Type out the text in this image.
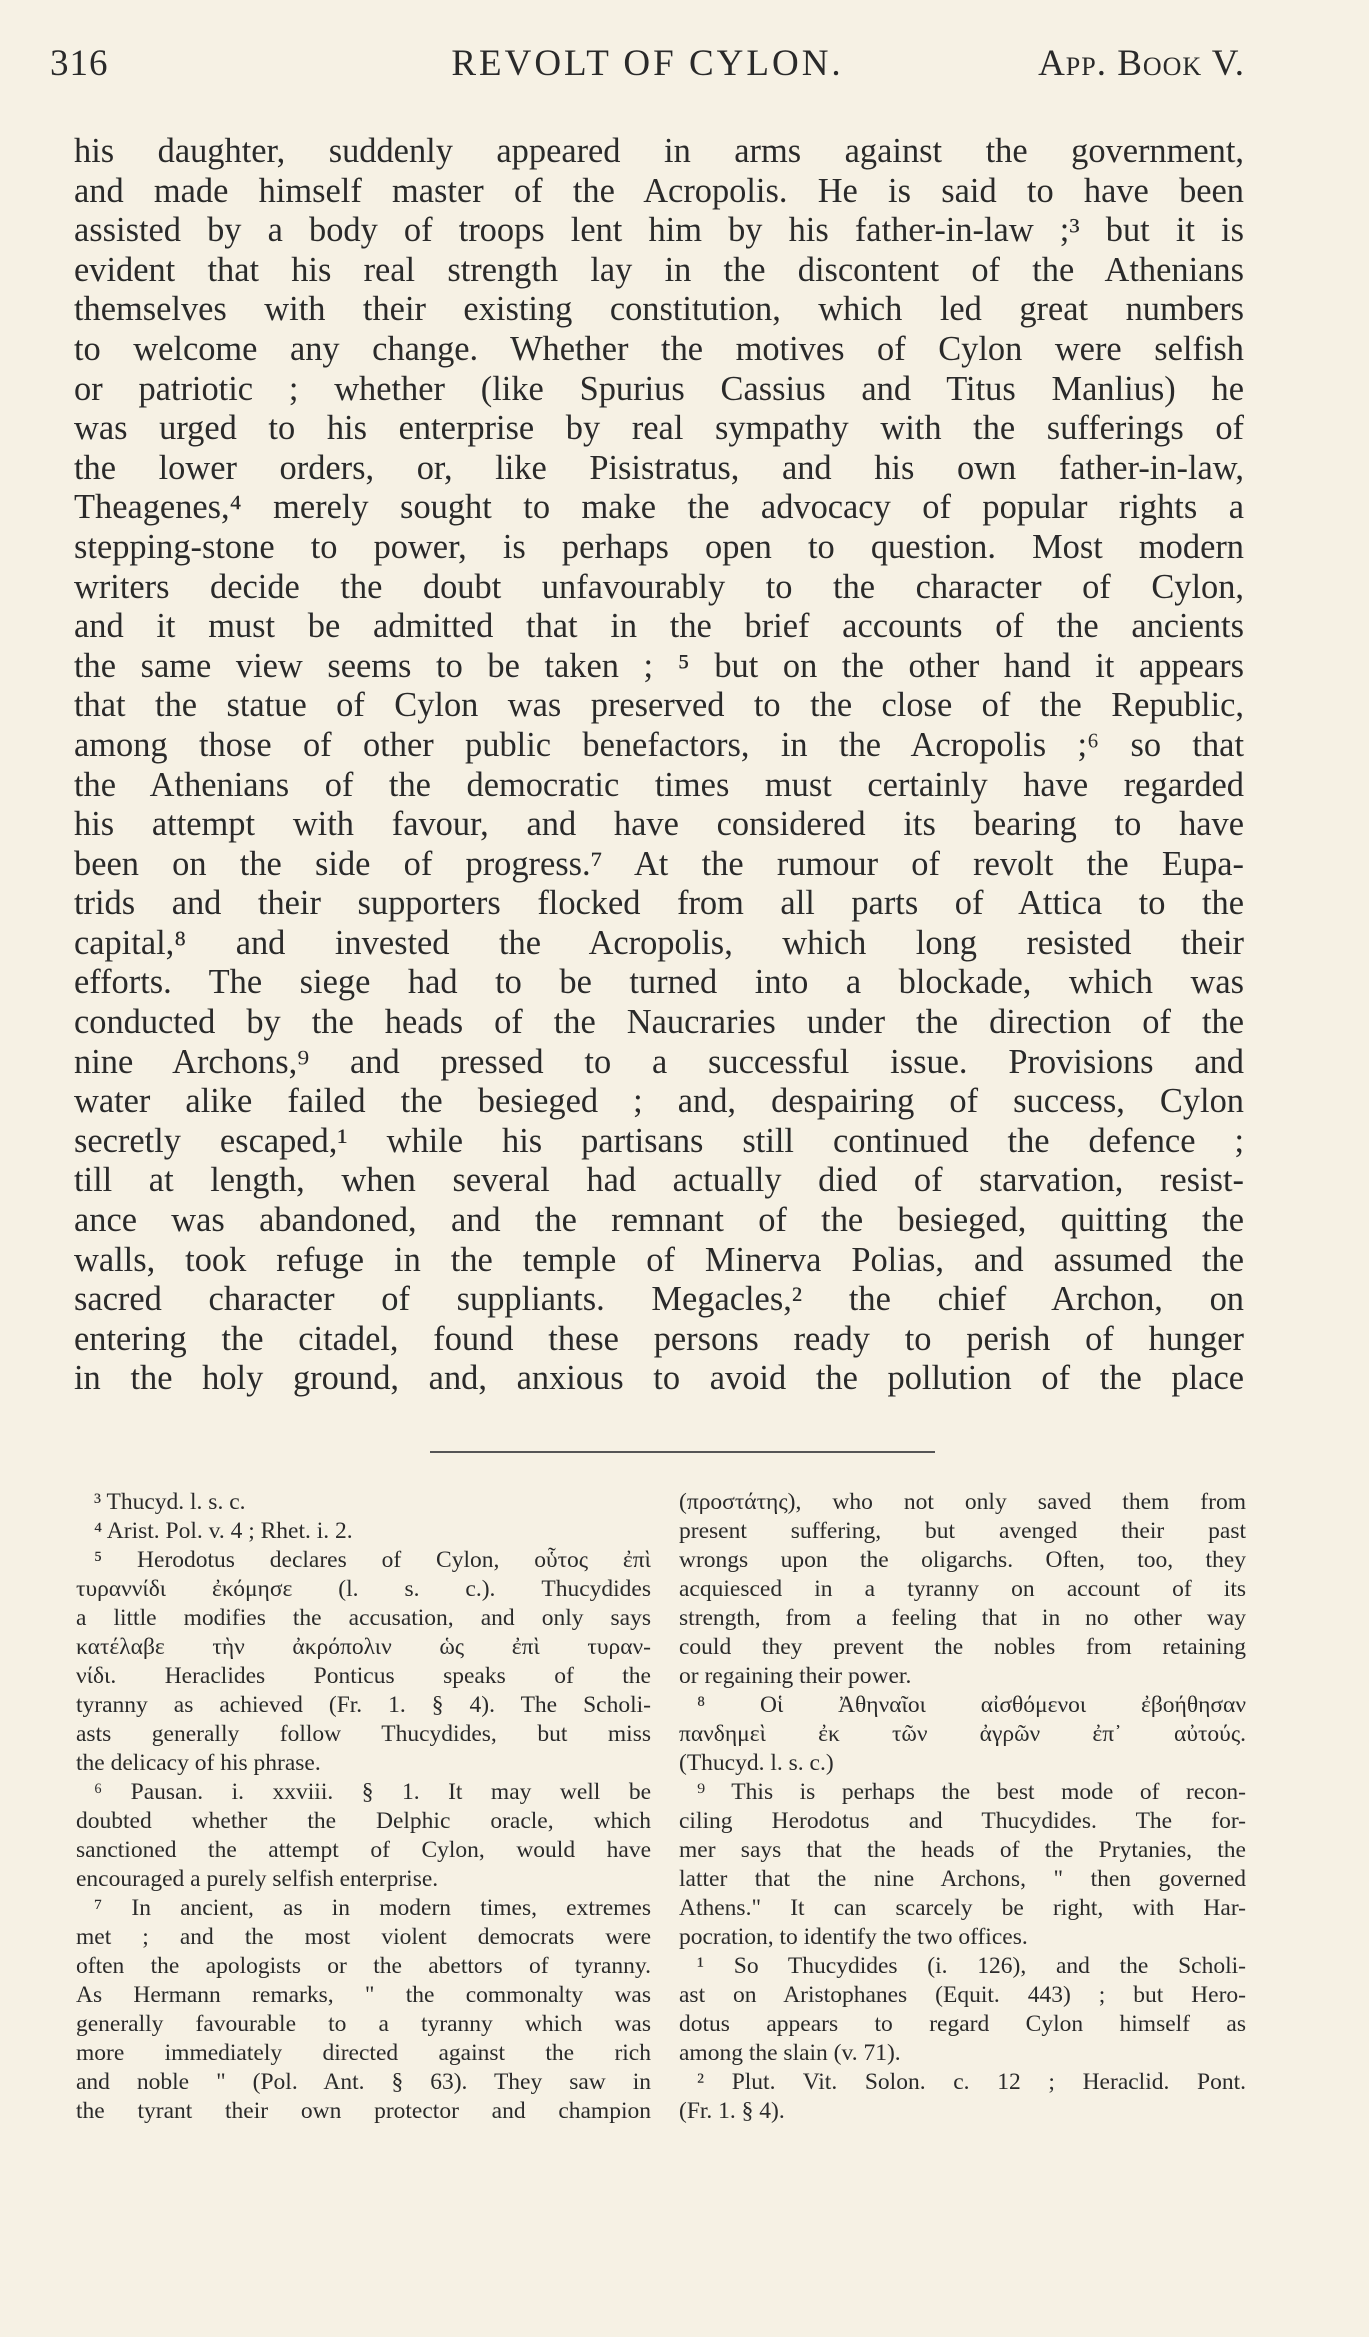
316	REVOLT OF CYLON.	App. Book V.
his daughter, suddenly appeared in arms against the government,
and made himself master of the Acropolis. He is said to have been
assisted by a body of troops lent him by his father-in-law ;³ but it is
evident that his real strength lay in the discontent of the Athenians
themselves with their existing constitution, which led great numbers
to welcome any change. Whether the motives of Cylon were selfish
or patriotic ; whether (like Spurius Cassius and Titus Manlius) he
was urged to his enterprise by real sympathy with the sufferings of
the lower orders, or, like Pisistratus, and his own father-in-law,
Theagenes,⁴ merely sought to make the advocacy of popular rights a
stepping-stone to power, is perhaps open to question. Most modern
writers decide the doubt unfavourably to the character of Cylon,
and it must be admitted that in the brief accounts of the ancients
the same view seems to be taken ; ⁵ but on the other hand it appears
that the statue of Cylon was preserved to the close of the Republic,
among those of other public benefactors, in the Acropolis ;⁶ so that
the Athenians of the democratic times must certainly have regarded
his attempt with favour, and have considered its bearing to have
been on the side of progress.⁷ At the rumour of revolt the Eupa-
trids and their supporters flocked from all parts of Attica to the
capital,⁸ and invested the Acropolis, which long resisted their
efforts. The siege had to be turned into a blockade, which was
conducted by the heads of the Naucraries under the direction of the
nine Archons,⁹ and pressed to a successful issue. Provisions and
water alike failed the besieged ; and, despairing of success, Cylon
secretly escaped,¹ while his partisans still continued the defence ;
till at length, when several had actually died of starvation, resist-
ance was abandoned, and the remnant of the besieged, quitting the
walls, took refuge in the temple of Minerva Polias, and assumed the
sacred character of suppliants. Megacles,² the chief Archon, on
entering the citadel, found these persons ready to perish of hunger
in the holy ground, and, anxious to avoid the pollution of the place
³ Thucyd. l. s. c.
⁴ Arist. Pol. v. 4 ; Rhet. i. 2.
⁵ Herodotus declares of Cylon, οὗτος ἐπὶ
τυραννίδι ἐκόμησε (l. s. c.). Thucydides
a little modifies the accusation, and only says
κατέλαβε τὴν ἀκρόπολιν ὡς ἐπὶ τυραν-
νίδι. Heraclides Ponticus speaks of the
tyranny as achieved (Fr. 1. § 4). The Scholi-
asts generally follow Thucydides, but miss
the delicacy of his phrase.
⁶ Pausan. i. xxviii. § 1. It may well be
doubted whether the Delphic oracle, which
sanctioned the attempt of Cylon, would have
encouraged a purely selfish enterprise.
⁷ In ancient, as in modern times, extremes
met ; and the most violent democrats were
often the apologists or the abettors of tyranny.
As Hermann remarks, " the commonalty was
generally favourable to a tyranny which was
more immediately directed against the rich
and noble " (Pol. Ant. § 63). They saw in
the tyrant their own protector and champion
(προστάτης), who not only saved them from
present suffering, but avenged their past
wrongs upon the oligarchs. Often, too, they
acquiesced in a tyranny on account of its
strength, from a feeling that in no other way
could they prevent the nobles from retaining
or regaining their power.
⁸ Οἱ Ἀθηναῖοι αἰσθόμενοι ἐβοήθησαν
πανδημεὶ ἐκ τῶν ἀγρῶν ἐπ᾽ αὐτούς.
(Thucyd. l. s. c.)
⁹ This is perhaps the best mode of recon-
ciling Herodotus and Thucydides. The for-
mer says that the heads of the Prytanies, the
latter that the nine Archons, " then governed
Athens." It can scarcely be right, with Har-
pocration, to identify the two offices.
¹ So Thucydides (i. 126), and the Scholi-
ast on Aristophanes (Equit. 443) ; but Hero-
dotus appears to regard Cylon himself as
among the slain (v. 71).
² Plut. Vit. Solon. c. 12 ; Heraclid. Pont.
(Fr. 1. § 4).
